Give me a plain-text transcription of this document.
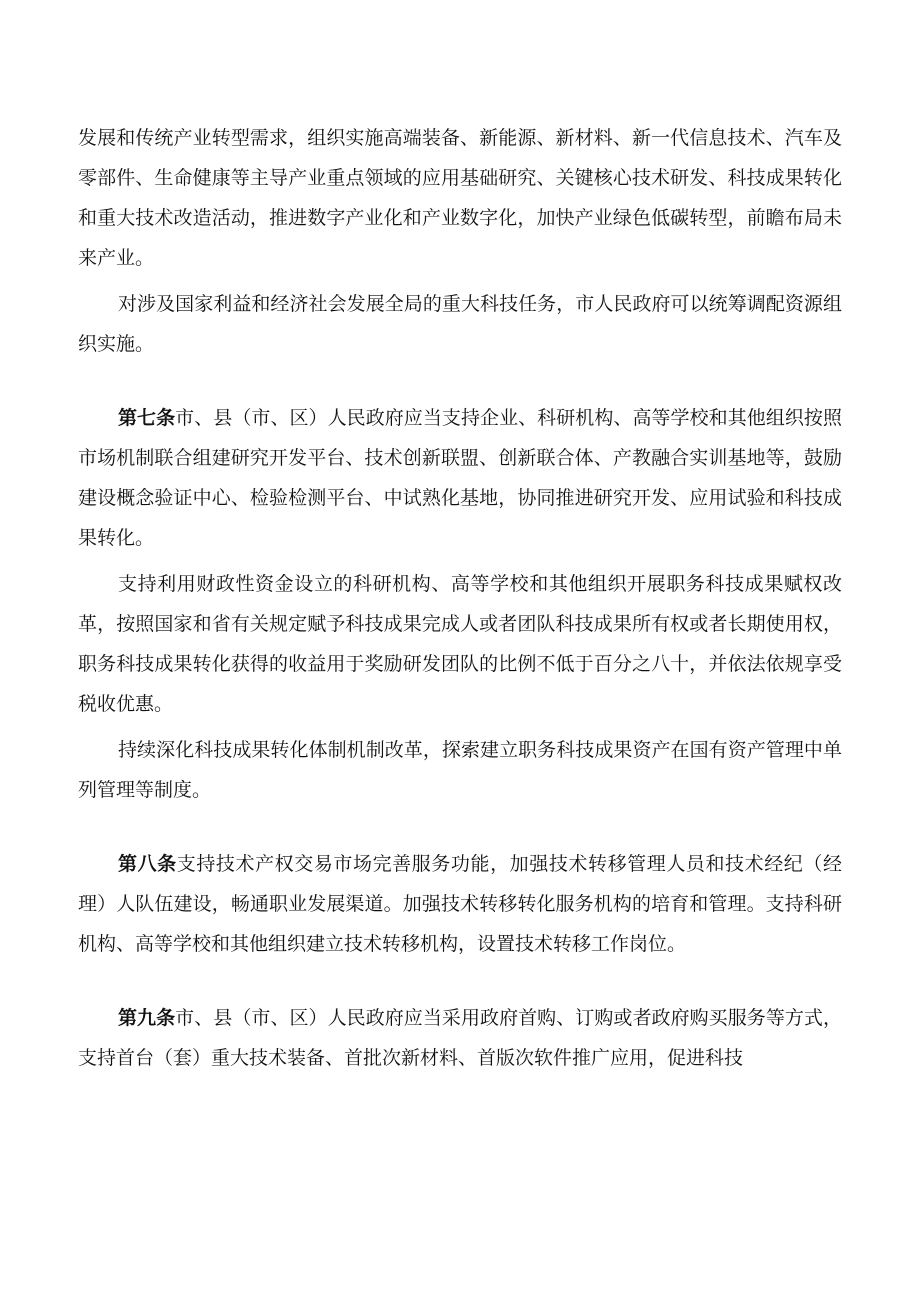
发展和传统产业转型需求，组织实施高端装备、新能源、新材料、新一代信息技术、汽车及零部件、生命健康等主导产业重点领域的应用基础研究、关键核心技术研发、科技成果转化和重大技术改造活动，推进数字产业化和产业数字化，加快产业绿色低碳转型，前瞻布局未来产业。

对涉及国家利益和经济社会发展全局的重大科技任务，市人民政府可以统筹调配资源组织实施。

第七条市、县（市、区）人民政府应当支持企业、科研机构、高等学校和其他组织按照市场机制联合组建研究开发平台、技术创新联盟、创新联合体、产教融合实训基地等，鼓励建设概念验证中心、检验检测平台、中试熟化基地，协同推进研究开发、应用试验和科技成果转化。

支持利用财政性资金设立的科研机构、高等学校和其他组织开展职务科技成果赋权改革，按照国家和省有关规定赋予科技成果完成人或者团队科技成果所有权或者长期使用权，职务科技成果转化获得的收益用于奖励研发团队的比例不低于百分之八十，并依法依规享受税收优惠。

持续深化科技成果转化体制机制改革，探索建立职务科技成果资产在国有资产管理中单列管理等制度。

第八条支持技术产权交易市场完善服务功能，加强技术转移管理人员和技术经纪（经理）人队伍建设，畅通职业发展渠道。加强技术转移转化服务机构的培育和管理。支持科研机构、高等学校和其他组织建立技术转移机构，设置技术转移工作岗位。

第九条市、县（市、区）人民政府应当采用政府首购、订购或者政府购买服务等方式，支持首台（套）重大技术装备、首批次新材料、首版次软件推广应用，促进科技
